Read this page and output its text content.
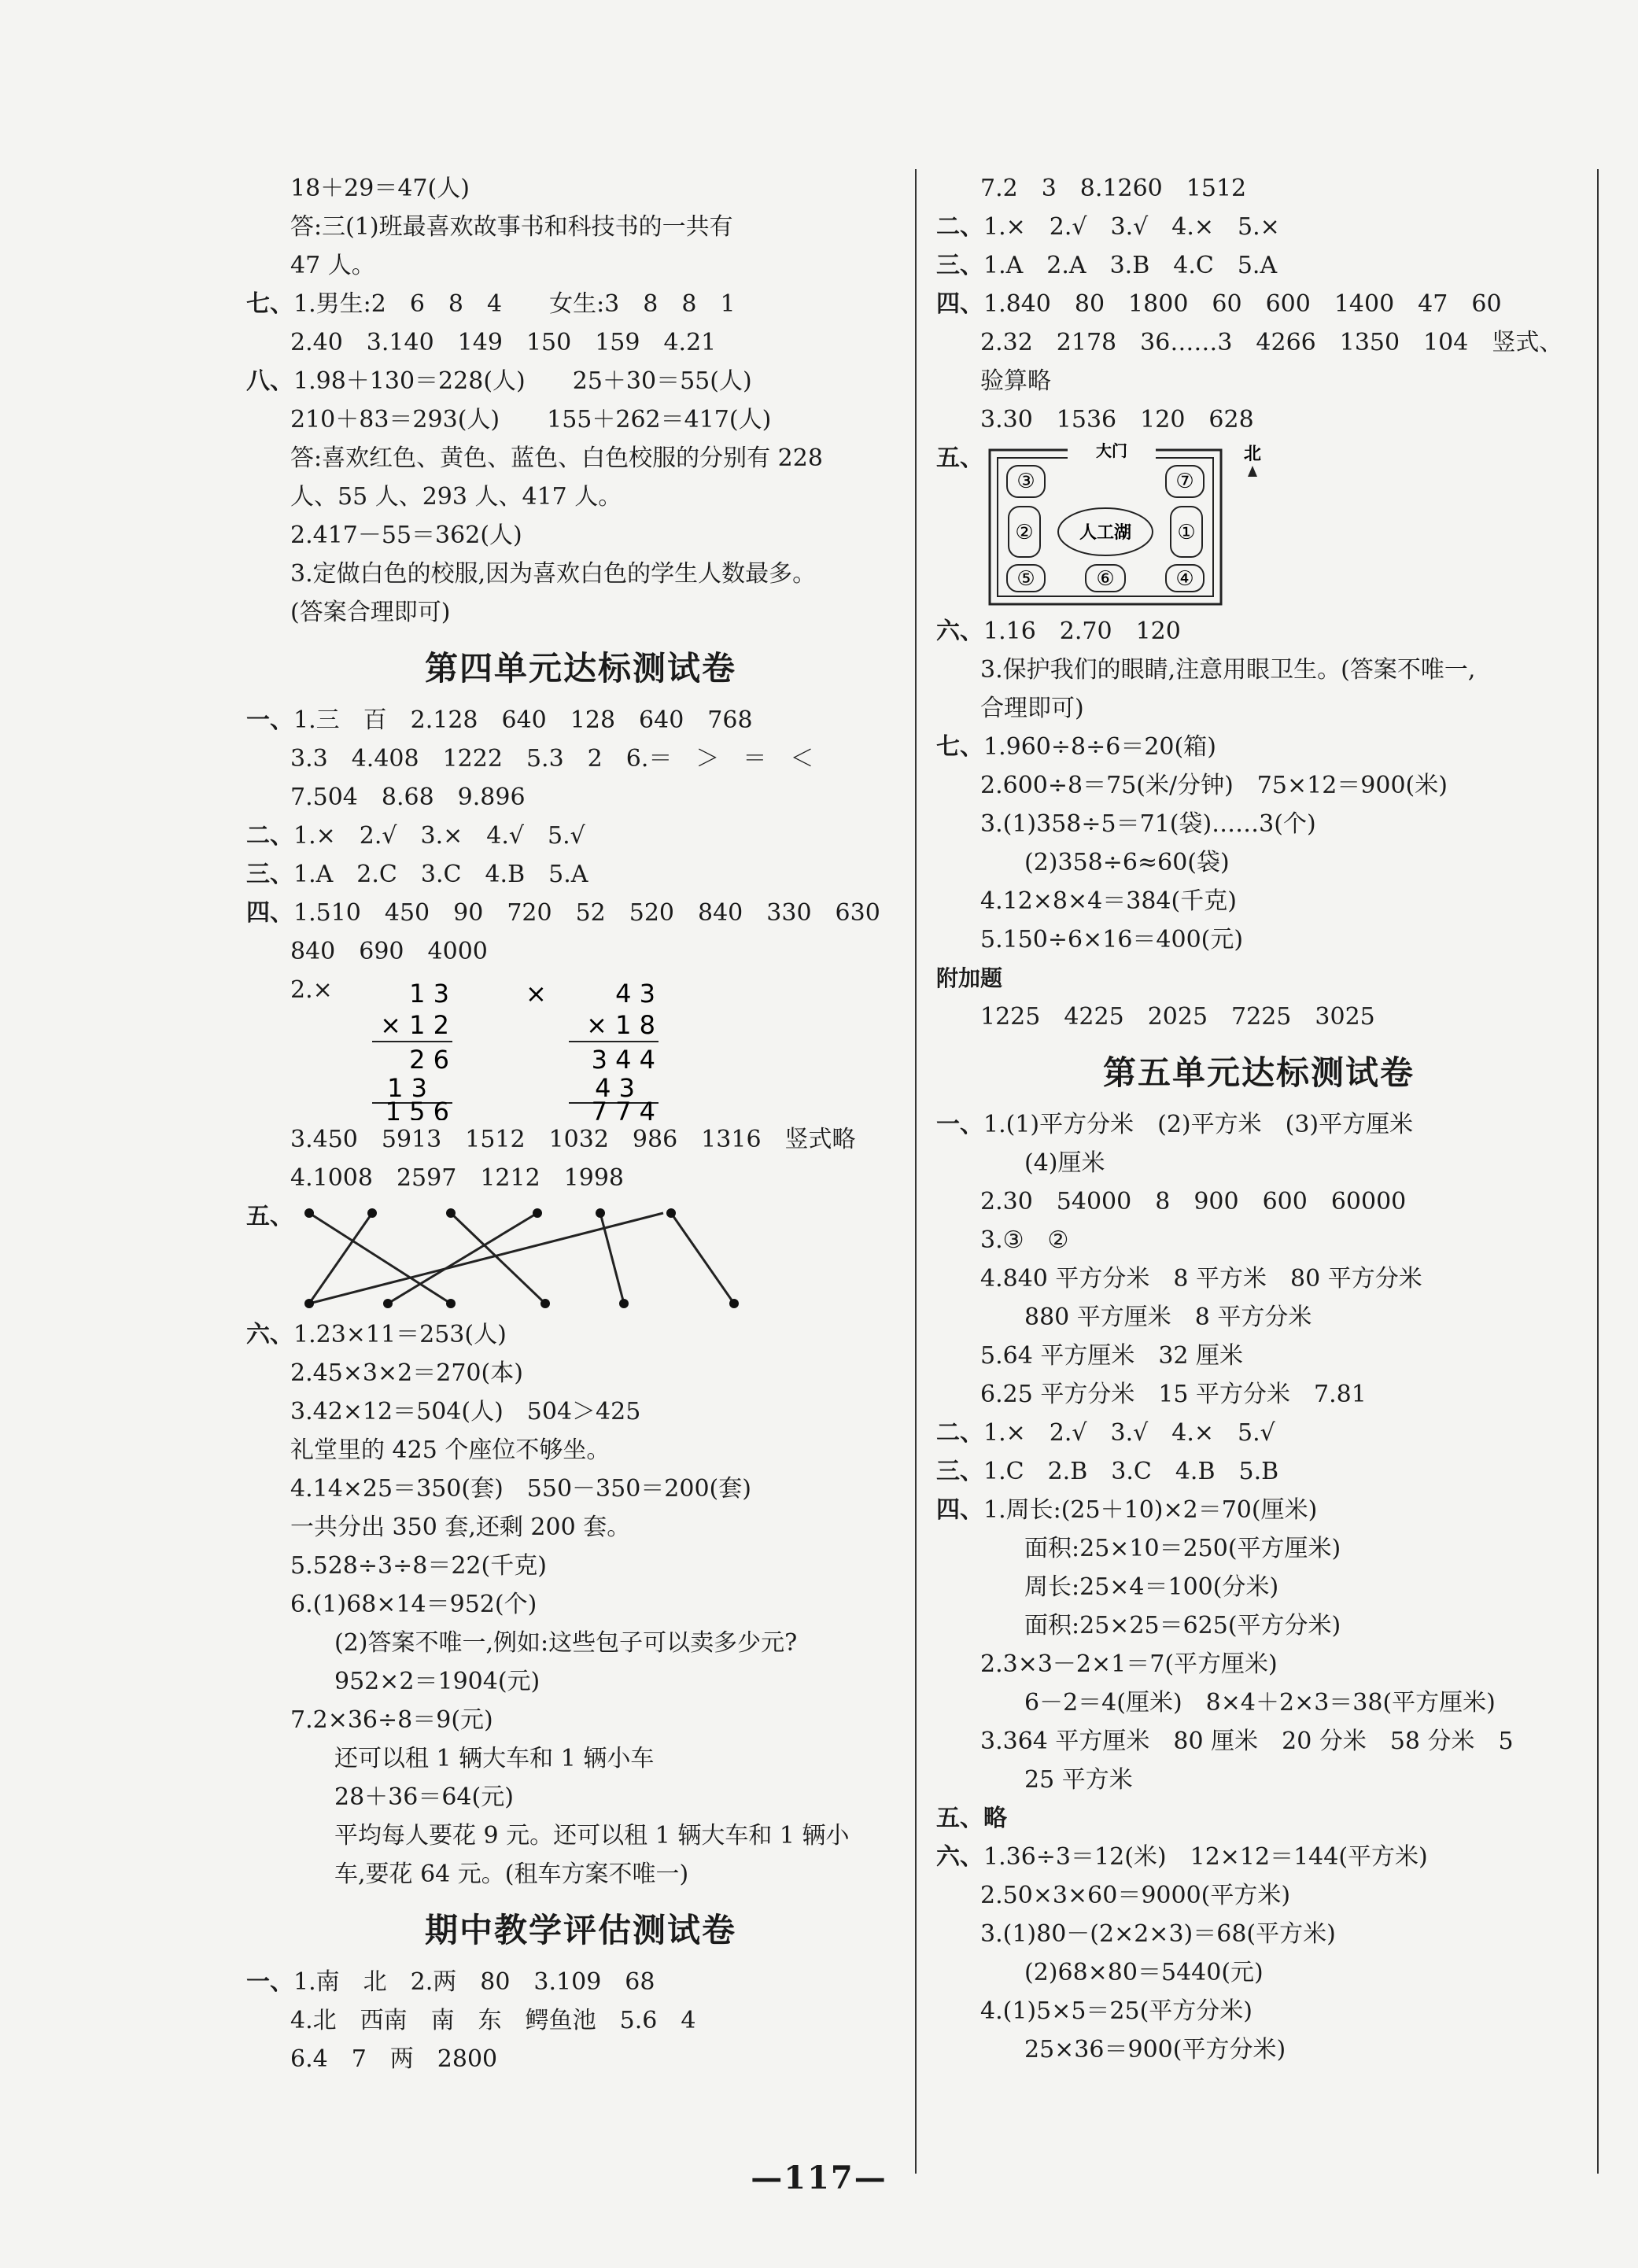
18＋29＝47(人)
答:三(1)班最喜欢故事书和科技书的一共有
47 人。
七、1.男生:2　6　8　4　　女生:3　8　8　1
2.40　3.140　149　150　159　4.21
八、1.98＋130＝228(人)　　25＋30＝55(人)
210＋83＝293(人)　　155＋262＝417(人)
答:喜欢红色、黄色、蓝色、白色校服的分别有 228
人、55 人、293 人、417 人。
2.417－55＝362(人)
3.定做白色的校服,因为喜欢白色的学生人数最多。
(答案合理即可)
第四单元达标测试卷
一、1.三　百　2.128　640　128　640　768
3.3　4.408　1222　5.3　2　6.＝　＞　＝　＜
7.504　8.68　9.896
二、1.×　2.√　3.×　4.√　5.√
三、1.A　2.C　3.C　4.B　5.A
四、1.510　450　90　720　52　520　840　330　630
840　690　4000
2.×	1 3
× 1 2
2 6
1 3
1 5 6
4 3
× 1 8
3 4 4
4 3
7 7 4
×
3.450　5913　1512　1032　986　1316　竖式略
4.1008　2597　1212　1998
五、
六、1.23×11＝253(人)
2.45×3×2＝270(本)
3.42×12＝504(人)　504＞425
礼堂里的 425 个座位不够坐。
4.14×25＝350(套)　550－350＝200(套)
一共分出 350 套,还剩 200 套。
5.528÷3÷8＝22(千克)
6.(1)68×14＝952(个)
(2)答案不唯一,例如:这些包子可以卖多少元?
952×2＝1904(元)
7.2×36÷8＝9(元)
还可以租 1 辆大车和 1 辆小车
28＋36＝64(元)
平均每人要花 9 元。还可以租 1 辆大车和 1 辆小
车,要花 64 元。(租车方案不唯一)
期中教学评估测试卷
一、1.南　北　2.两　80　3.109　68
4.北　西南　南　东　鳄鱼池　5.6　4
6.4　7　两　2800
7.2　3　8.1260　1512
二、1.×　2.√　3.√　4.×　5.×
三、1.A　2.A　3.B　4.C　5.A
四、1.840　80　1800　60　600　1400　47　60
2.32　2178　36……3　4266　1350　104　竖式、
验算略
3.30　1536　120　628
五、	大门
③	⑦
②	①
人工湖
⑤	⑥	④
北
六、1.16　2.70　120
3.保护我们的眼睛,注意用眼卫生。(答案不唯一,
合理即可)
七、1.960÷8÷6＝20(箱)
2.600÷8＝75(米/分钟)　75×12＝900(米)
3.(1)358÷5＝71(袋)……3(个)
(2)358÷6≈60(袋)
4.12×8×4＝384(千克)
5.150÷6×16＝400(元)
附加题
1225　4225　2025　7225　3025
第五单元达标测试卷
一、1.(1)平方分米　(2)平方米　(3)平方厘米
(4)厘米
2.30　54000　8　900　600　60000
3.③　②
4.840 平方分米　8 平方米　80 平方分米
880 平方厘米　8 平方分米
5.64 平方厘米　32 厘米
6.25 平方分米　15 平方分米　7.81
二、1.×　2.√　3.√　4.×　5.√
三、1.C　2.B　3.C　4.B　5.B
四、1.周长:(25＋10)×2＝70(厘米)
面积:25×10＝250(平方厘米)
周长:25×4＝100(分米)
面积:25×25＝625(平方分米)
2.3×3－2×1＝7(平方厘米)
6－2＝4(厘米)　8×4＋2×3＝38(平方厘米)
3.364 平方厘米　80 厘米　20 分米　58 分米　5
25 平方米
五、略
六、1.36÷3＝12(米)　12×12＝144(平方米)
2.50×3×60＝9000(平方米)
3.(1)80－(2×2×3)＝68(平方米)
(2)68×80＝5440(元)
4.(1)5×5＝25(平方分米)
25×36＝900(平方分米)
—117—
